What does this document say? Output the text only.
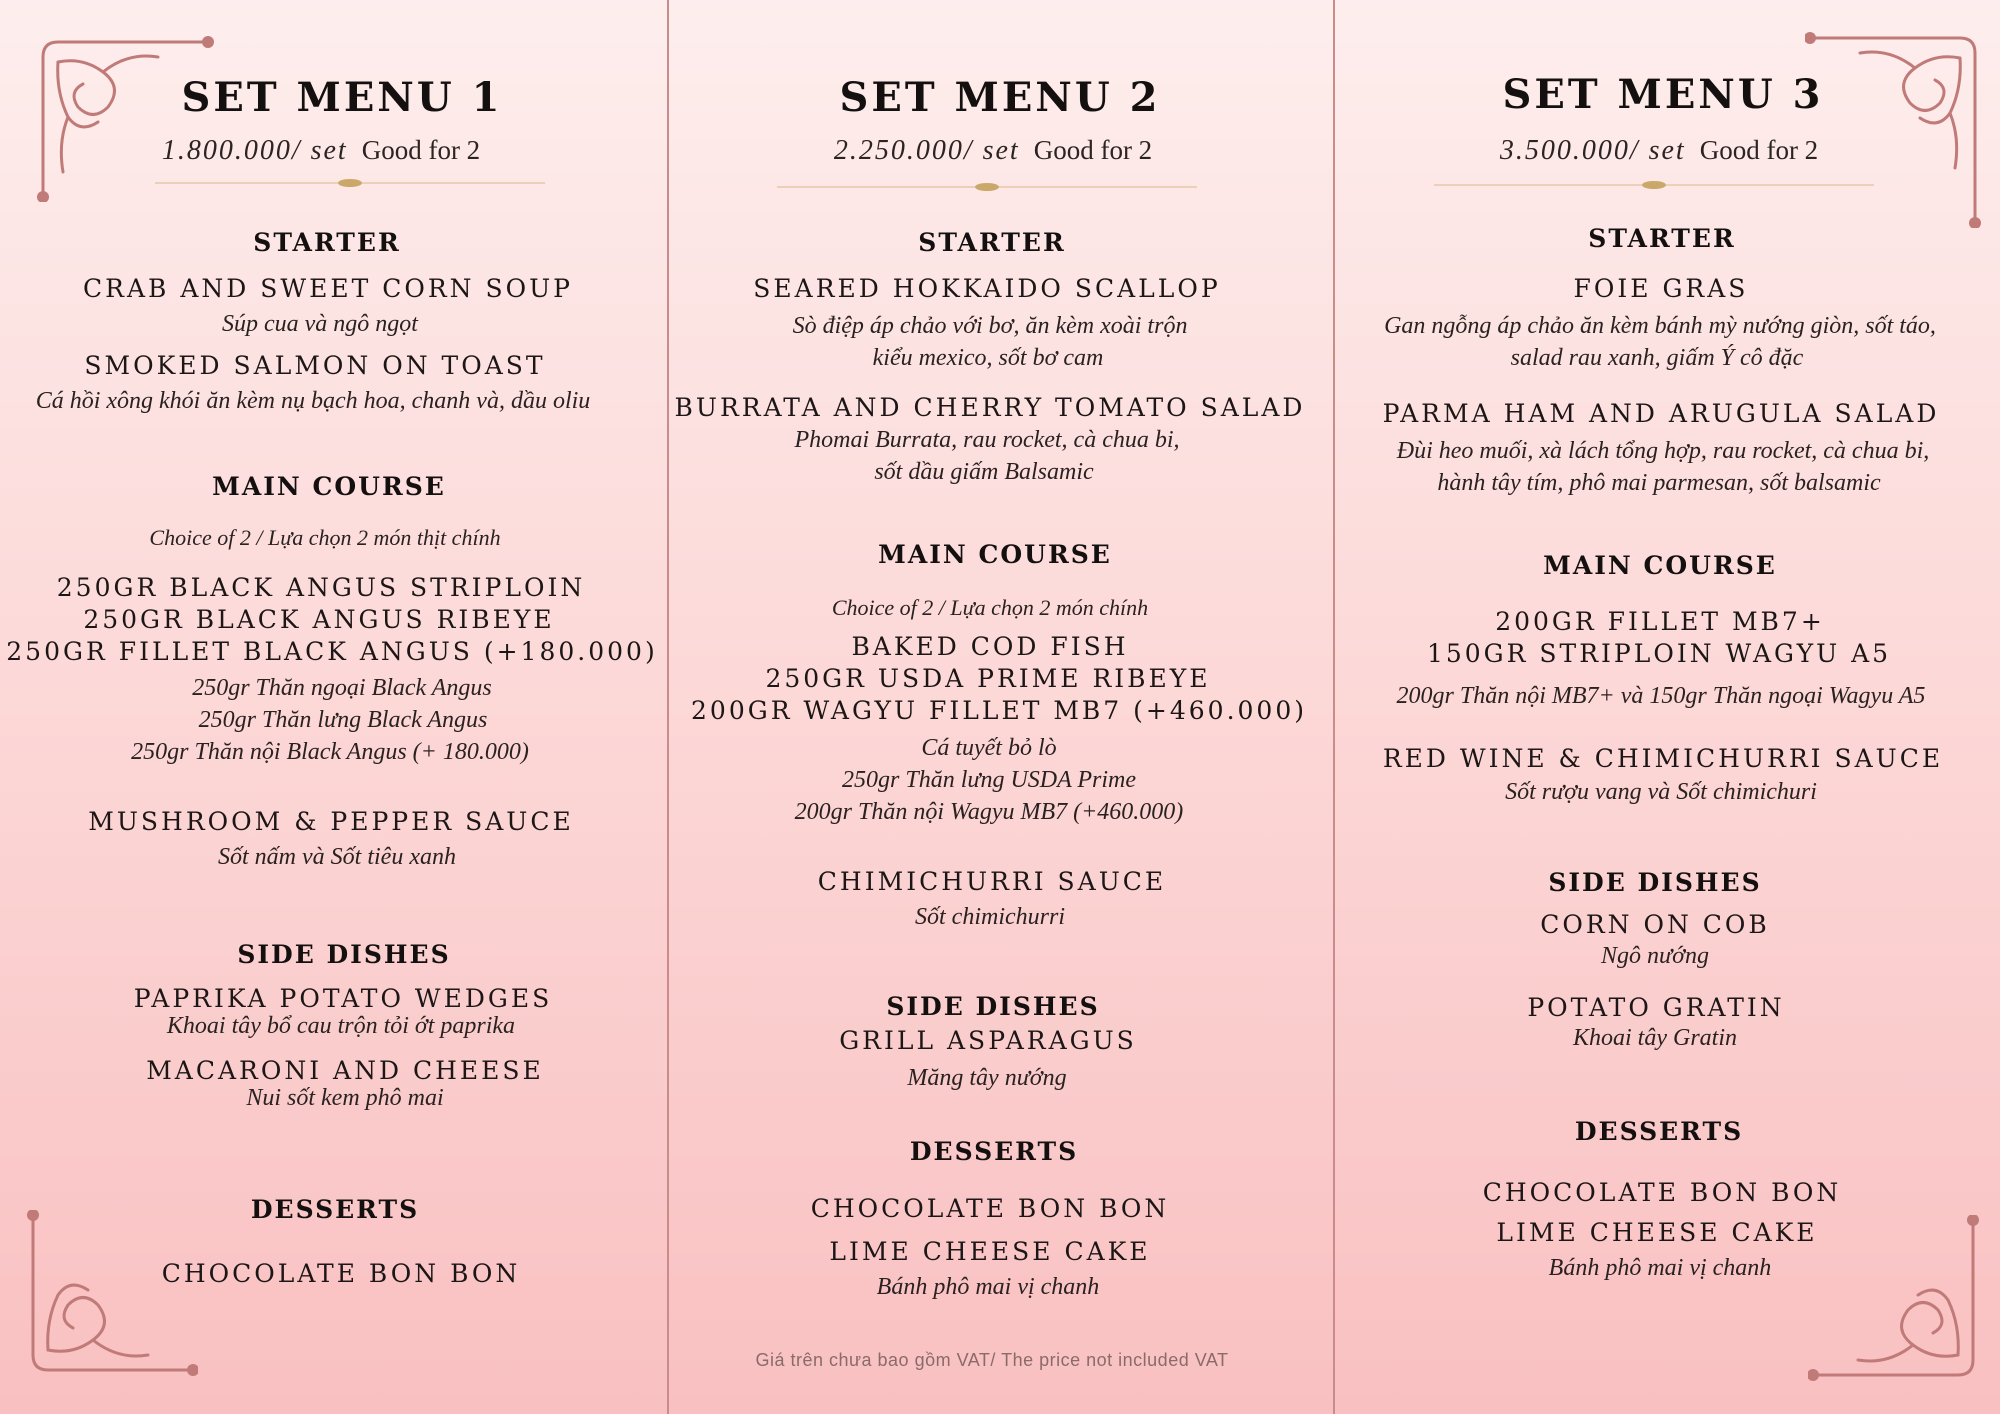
SET MENU 1
1.800.000/ set Good for 2
STARTER
CRAB AND SWEET CORN SOUP
Súp cua và ngô ngọt
SMOKED SALMON ON TOAST
Cá hồi xông khói ăn kèm nụ bạch hoa, chanh và, dầu oliu
MAIN COURSE
Choice of 2 / Lựa chọn 2 món thịt chính
250GR BLACK ANGUS STRIPLOIN
250GR BLACK ANGUS RIBEYE
250GR FILLET BLACK ANGUS (+180.000)
250gr Thăn ngoại Black Angus
250gr Thăn lưng Black Angus
250gr Thăn nội Black Angus (+ 180.000)
MUSHROOM & PEPPER SAUCE
Sốt nấm và Sốt tiêu xanh
SIDE DISHES
PAPRIKA POTATO WEDGES
Khoai tây bổ cau trộn tỏi ớt paprika
MACARONI AND CHEESE
Nui sốt kem phô mai
DESSERTS
CHOCOLATE BON BON
SET MENU 2
2.250.000/ set Good for 2
STARTER
SEARED HOKKAIDO SCALLOP
Sò điệp áp chảo với bơ, ăn kèm xoài trộn
kiểu mexico, sốt bơ cam
BURRATA AND CHERRY TOMATO SALAD
Phomai Burrata, rau rocket, cà chua bi,
sốt dầu giấm Balsamic
MAIN COURSE
Choice of 2 / Lựa chọn 2 món chính
BAKED COD FISH
250GR USDA PRIME RIBEYE
200GR WAGYU FILLET MB7 (+460.000)
Cá tuyết bỏ lò
250gr Thăn lưng USDA Prime
200gr Thăn nội Wagyu MB7 (+460.000)
CHIMICHURRI SAUCE
Sốt chimichurri
SIDE DISHES
GRILL ASPARAGUS
Măng tây nướng
DESSERTS
CHOCOLATE BON BON
LIME CHEESE CAKE
Bánh phô mai vị chanh
Giá trên chưa bao gồm VAT/ The price not included VAT
SET MENU 3
3.500.000/ set Good for 2
STARTER
FOIE GRAS
Gan ngỗng áp chảo ăn kèm bánh mỳ nướng giòn, sốt táo,
salad rau xanh, giấm Ý cô đặc
PARMA HAM AND ARUGULA SALAD
Đùi heo muối, xà lách tổng hợp, rau rocket, cà chua bi,
hành tây tím, phô mai parmesan, sốt balsamic
MAIN COURSE
200GR FILLET MB7+
150GR STRIPLOIN WAGYU A5
200gr Thăn nội MB7+ và 150gr Thăn ngoại Wagyu A5
RED WINE & CHIMICHURRI SAUCE
Sốt rượu vang và Sốt chimichuri
SIDE DISHES
CORN ON COB
Ngô nướng
POTATO GRATIN
Khoai tây Gratin
DESSERTS
CHOCOLATE BON BON
LIME CHEESE CAKE
Bánh phô mai vị chanh
